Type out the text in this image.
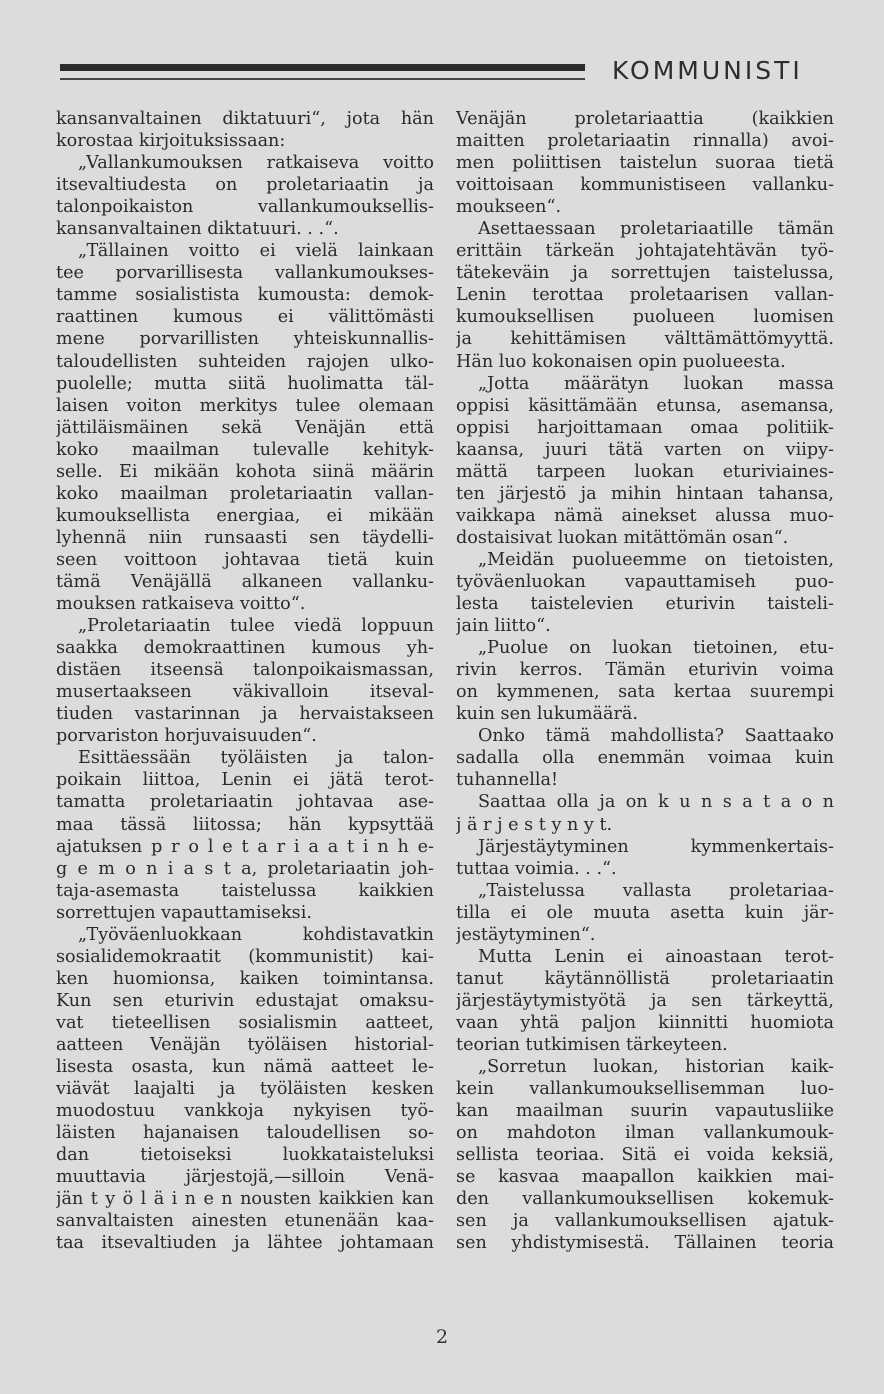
KOMMUNISTI
kansanvaltainen diktatuuri“, jota hän
korostaa kirjoituksissaan:
„Vallankumouksen ratkaiseva voitto
itsevaltiudesta on proletariaatin ja
talonpoikaiston vallankumouksellis-
kansanvaltainen diktatuuri. . .“.
„Tällainen voitto ei vielä lainkaan
tee porvarillisesta vallankumoukses-
tamme sosialistista kumousta: demok-
raattinen kumous ei välittömästi
mene porvarillisten yhteiskunnallis-
taloudellisten suhteiden rajojen ulko-
puolelle; mutta siitä huolimatta täl-
laisen voiton merkitys tulee olemaan
jättiläismäinen sekä Venäjän että
koko maailman tulevalle kehityk-
selle. Ei mikään kohota siinä määrin
koko maailman proletariaatin vallan-
kumouksellista energiaa, ei mikään
lyhennä niin runsaasti sen täydelli-
seen voittoon johtavaa tietä kuin
tämä Venäjällä alkaneen vallanku-
mouksen ratkaiseva voitto“.
„Proletariaatin tulee viedä loppuun
saakka demokraattinen kumous yh-
distäen itseensä talonpoikaismassan,
musertaakseen väkivalloin itseval-
tiuden vastarinnan ja hervaistakseen
porvariston horjuvaisuuden“.
Esittäessään työläisten ja talon-
poikain liittoa, Lenin ei jätä terot-
tamatta proletariaatin johtavaa ase-
maa tässä liitossa; hän kypsyttää
ajatuksen p r o l e t a r i a a t i n h e-
g e m o n i a s t a, proletariaatin joh-
taja-asemasta taistelussa kaikkien
sorrettujen vapauttamiseksi.
„Työväenluokkaan kohdistavatkin
sosialidemokraatit (kommunistit) kai-
ken huomionsa, kaiken toimintansa.
Kun sen eturivin edustajat omaksu-
vat tieteellisen sosialismin aatteet,
aatteen Venäjän työläisen historial-
lisesta osasta, kun nämä aatteet le-
viävät laajalti ja työläisten kesken
muodostuu vankkoja nykyisen työ-
läisten hajanaisen taloudellisen so-
dan tietoiseksi luokkataisteluksi
muuttavia järjestojä,—silloin Venä-
jän t y ö l ä i n e n nousten kaikkien kan
sanvaltaisten ainesten etunenään kaa-
taa itsevaltiuden ja lähtee johtamaan
Venäjän proletariaattia (kaikkien
maitten proletariaatin rinnalla) avoi-
men poliittisen taistelun suoraa tietä
voittoisaan kommunistiseen vallanku-
moukseen“.
Asettaessaan proletariaatille tämän
erittäin tärkeän johtajatehtävän työ-
tätekeväin ja sorrettujen taistelussa,
Lenin terottaa proletaarisen vallan-
kumouksellisen puolueen luomisen
ja kehittämisen välttämättömyyttä.
Hän luo kokonaisen opin puolueesta.
„Jotta määrätyn luokan massa
oppisi käsittämään etunsa, asemansa,
oppisi harjoittamaan omaa politiik-
kaansa, juuri tätä varten on viipy-
mättä tarpeen luokan eturiviaines-
ten järjestö ja mihin hintaan tahansa,
vaikkapa nämä ainekset alussa muo-
dostaisivat luokan mitättömän osan“.
„Meidän puolueemme on tietoisten,
työväenluokan vapauttamiseh puo-
lesta taistelevien eturivin taisteli-
jain liitto“.
„Puolue on luokan tietoinen, etu-
rivin kerros. Tämän eturivin voima
on kymmenen, sata kertaa suurempi
kuin sen lukumäärä.
Onko tämä mahdollista? Saattaako
sadalla olla enemmän voimaa kuin
tuhannella!
Saattaa olla ja on k u n s a t a o n
j ä r j e s t y n y t.
Järjestäytyminen kymmenkertais-
tuttaa voimia. . .“.
„Taistelussa vallasta proletariaa-
tilla ei ole muuta asetta kuin jär-
jestäytyminen“.
Mutta Lenin ei ainoastaan terot-
tanut käytännöllistä proletariaatin
järjestäytymistyötä ja sen tärkeyttä,
vaan yhtä paljon kiinnitti huomiota
teorian tutkimisen tärkeyteen.
„Sorretun luokan, historian kaik-
kein vallankumouksellisemman luo-
kan maailman suurin vapautusliike
on mahdoton ilman vallankumouk-
sellista teoriaa. Sitä ei voida keksiä,
se kasvaa maapallon kaikkien mai-
den vallankumouksellisen kokemuk-
sen ja vallankumouksellisen ajatuk-
sen yhdistymisestä. Tällainen teoria
2
